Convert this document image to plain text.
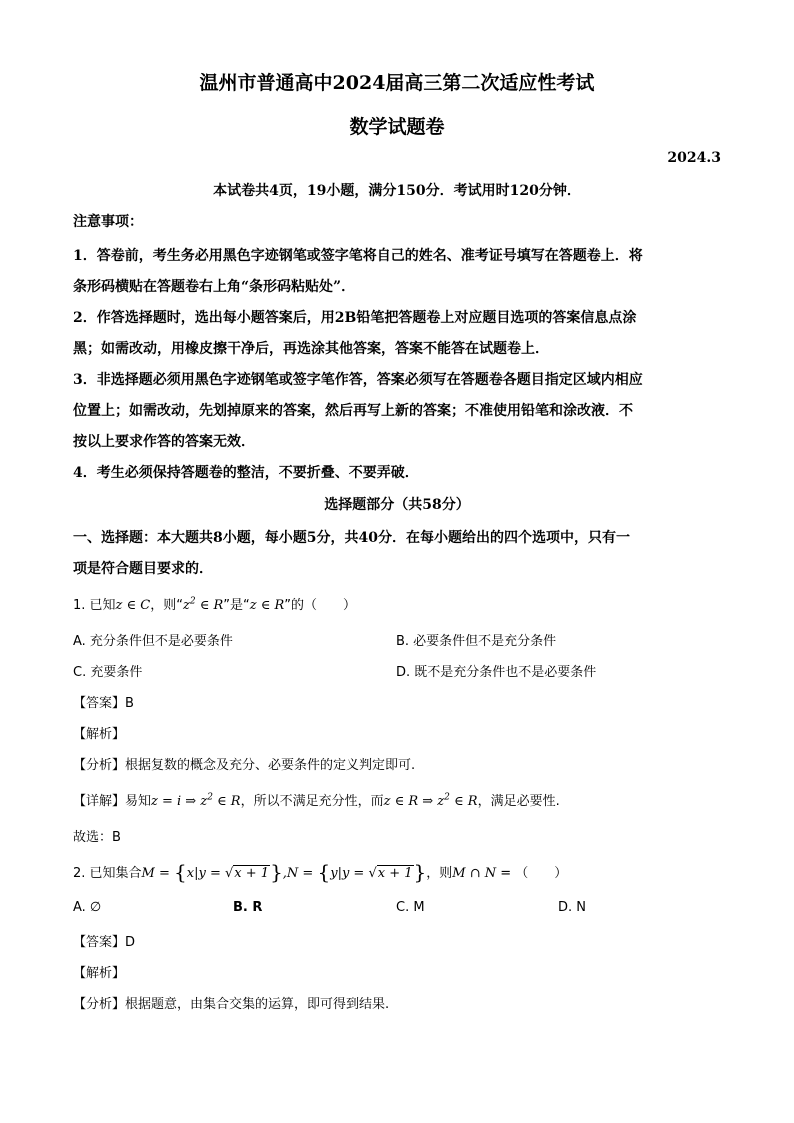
温州市普通高中2024届高三第二次适应性考试
数学试题卷
2024.3
本试卷共4页，19小题，满分150分．考试用时120分钟．
注意事项：
1．答卷前，考生务必用黑色字迹钢笔或签字笔将自己的姓名、准考证号填写在答题卷上．将
条形码横贴在答题卷右上角“条形码粘贴处”．
2．作答选择题时，选出每小题答案后，用2B铅笔把答题卷上对应题目选项的答案信息点涂
黑；如需改动，用橡皮擦干净后，再选涂其他答案，答案不能答在试题卷上．
3．非选择题必须用黑色字迹钢笔或签字笔作答，答案必须写在答题卷各题目指定区域内相应
位置上；如需改动，先划掉原来的答案，然后再写上新的答案；不准使用铅笔和涂改液．不
按以上要求作答的答案无效．
4．考生必须保持答题卷的整洁，不要折叠、不要弄破．
选择题部分（共58分）
一、选择题：本大题共8小题，每小题5分，共40分．在每小题给出的四个选项中，只有一
项是符合题目要求的．
1. 已知z ∈ C，则“$z^2$ ∈ R”是“z ∈ R”的（　　）
A. 充分条件但不是必要条件	B. 必要条件但不是充分条件
C. 充要条件	D. 既不是充分条件也不是必要条件
【答案】B
【解析】
【分析】根据复数的概念及充分、必要条件的定义判定即可.
【详解】易知z = i ⇒ $z^2$ ∈ R，所以不满足充分性，而z ∈ R ⇒ $z^2$ ∈ R，满足必要性.
故选：B
2. 已知集合M = {x|y = √x + 1},N = {y|y = √x + 1}，则M ∩ N = （　　）
A. ∅	B. R	C. M	D. N
【答案】D
【解析】
【分析】根据题意，由集合交集的运算，即可得到结果.
